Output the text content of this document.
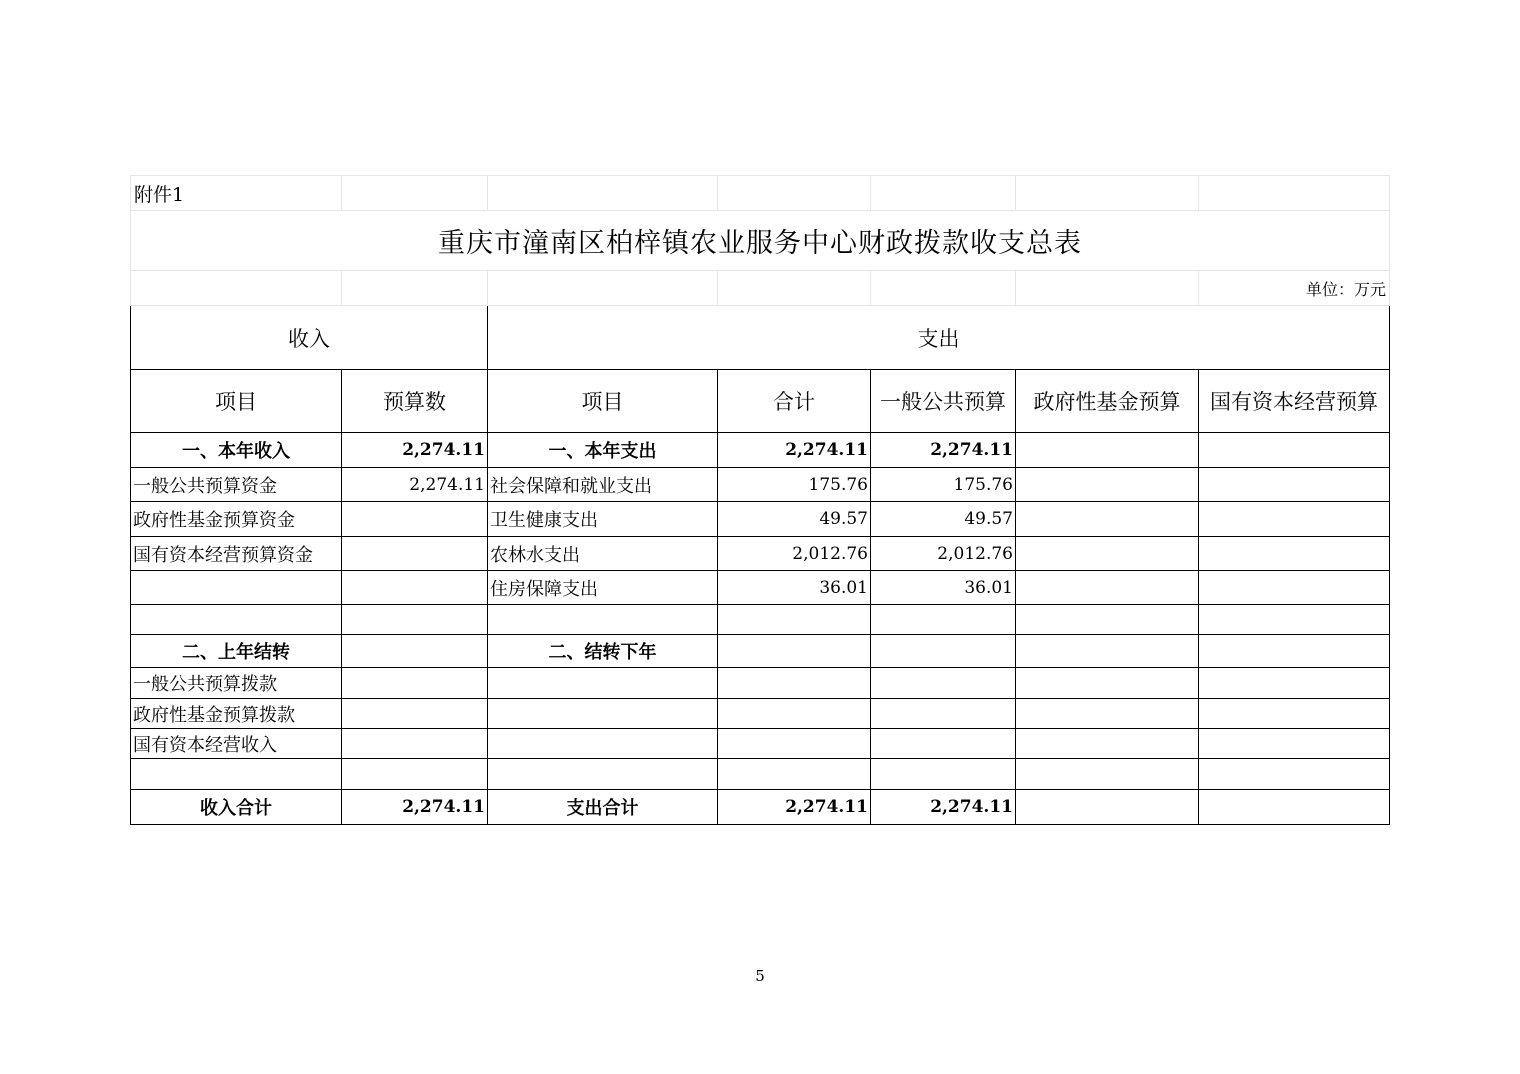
附件1						
重庆市潼南区柏梓镇农业服务中心财政拨款收支总表						
						单位：万元
收入		支出				
项目	预算数	项目	合计	一般公共预算	政府性基金预算	国有资本经营预算
一、本年收入	2,274.11	一、本年支出	2,274.11	2,274.11		
一般公共预算资金	2,274.11	社会保障和就业支出	175.76	175.76		
政府性基金预算资金		卫生健康支出	49.57	49.57		
国有资本经营预算资金		农林水支出	2,012.76	2,012.76		
		住房保障支出	36.01	36.01		

二、上年结转		二、结转下年				
一般公共预算拨款						
政府性基金预算拨款						
国有资本经营收入						

收入合计	2,274.11	支出合计	2,274.11	2,274.11		
5
